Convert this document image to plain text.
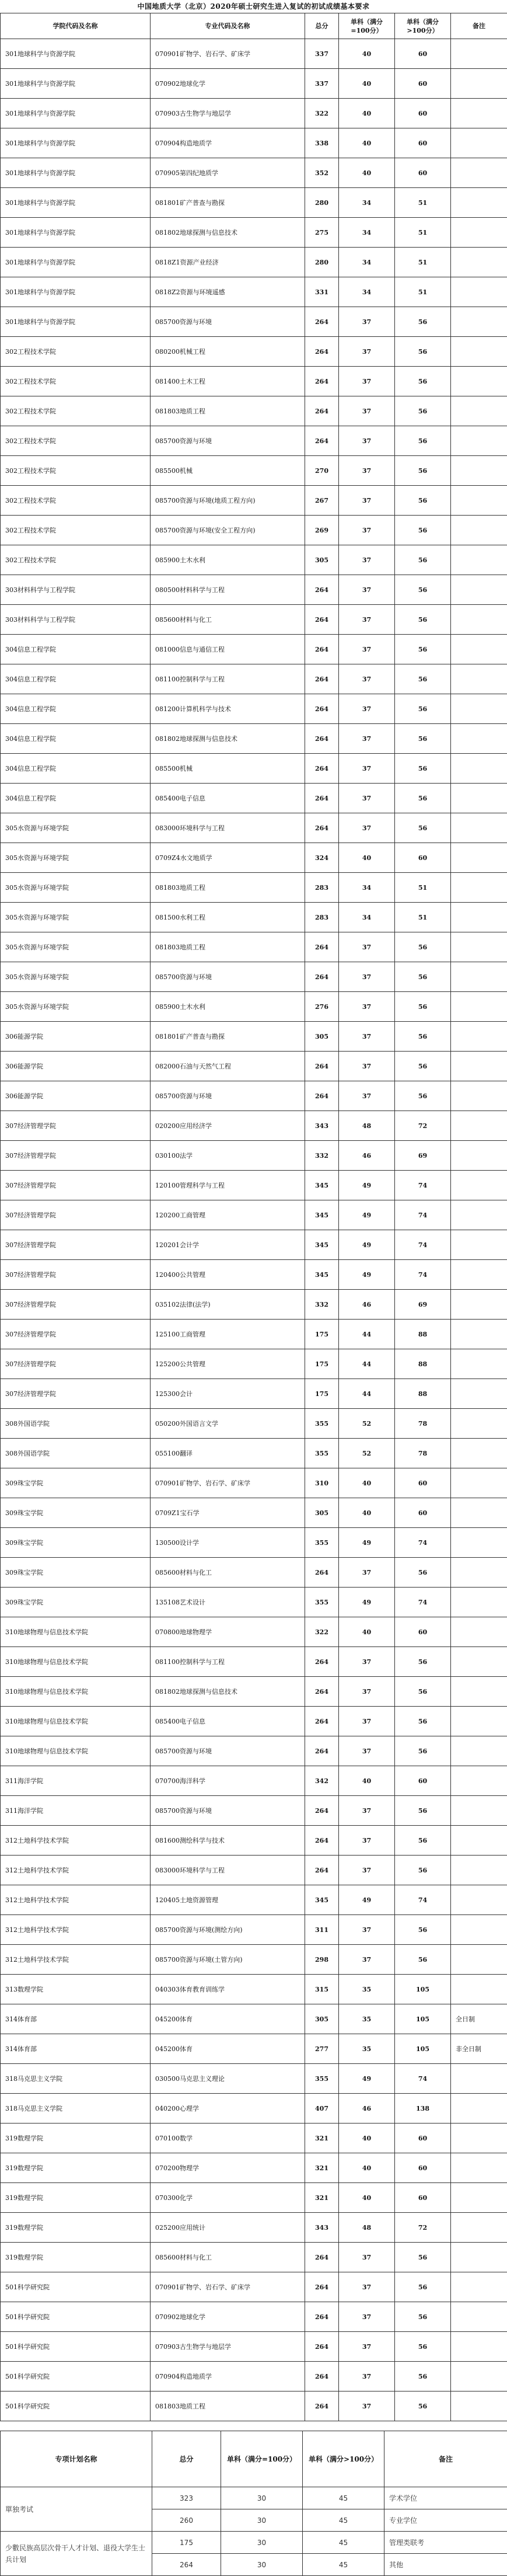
中国地质大学（北京）2020年硕士研究生进入复试的初试成绩基本要求
学院代码及名称	专业代码及名称	总分	单科（满分=100分）	单科（满分>100分）	备注
301地球科学与资源学院	070901矿物学、岩石学、矿床学	337	40	60	
301地球科学与资源学院	070902地球化学	337	40	60	
301地球科学与资源学院	070903古生物学与地层学	322	40	60	
301地球科学与资源学院	070904构造地质学	338	40	60	
301地球科学与资源学院	070905第四纪地质学	352	40	60	
301地球科学与资源学院	081801矿产普查与勘探	280	34	51	
301地球科学与资源学院	081802地球探测与信息技术	275	34	51	
301地球科学与资源学院	0818Z1资源产业经济	280	34	51	
301地球科学与资源学院	0818Z2资源与环境遥感	331	34	51	
301地球科学与资源学院	085700资源与环境	264	37	56	
302工程技术学院	080200机械工程	264	37	56	
302工程技术学院	081400土木工程	264	37	56	
302工程技术学院	081803地质工程	264	37	56	
302工程技术学院	085700资源与环境	264	37	56	
302工程技术学院	085500机械	270	37	56	
302工程技术学院	085700资源与环境(地质工程方向)	267	37	56	
302工程技术学院	085700资源与环境(安全工程方向)	269	37	56	
302工程技术学院	085900土木水利	305	37	56	
303材料科学与工程学院	080500材料科学与工程	264	37	56	
303材料科学与工程学院	085600材料与化工	264	37	56	
304信息工程学院	081000信息与通信工程	264	37	56	
304信息工程学院	081100控制科学与工程	264	37	56	
304信息工程学院	081200计算机科学与技术	264	37	56	
304信息工程学院	081802地球探测与信息技术	264	37	56	
304信息工程学院	085500机械	264	37	56	
304信息工程学院	085400电子信息	264	37	56	
305水资源与环境学院	083000环境科学与工程	264	37	56	
305水资源与环境学院	0709Z4水文地质学	324	40	60	
305水资源与环境学院	081803地质工程	283	34	51	
305水资源与环境学院	081500水利工程	283	34	51	
305水资源与环境学院	081803地质工程	264	37	56	
305水资源与环境学院	085700资源与环境	264	37	56	
305水资源与环境学院	085900土木水利	276	37	56	
306能源学院	081801矿产普查与勘探	305	37	56	
306能源学院	082000石油与天然气工程	264	37	56	
306能源学院	085700资源与环境	264	37	56	
307经济管理学院	020200应用经济学	343	48	72	
307经济管理学院	030100法学	332	46	69	
307经济管理学院	120100管理科学与工程	345	49	74	
307经济管理学院	120200工商管理	345	49	74	
307经济管理学院	120201会计学	345	49	74	
307经济管理学院	120400公共管理	345	49	74	
307经济管理学院	035102法律(法学)	332	46	69	
307经济管理学院	125100工商管理	175	44	88	
307经济管理学院	125200公共管理	175	44	88	
307经济管理学院	125300会计	175	44	88	
308外国语学院	050200外国语言文学	355	52	78	
308外国语学院	055100翻译	355	52	78	
309珠宝学院	070901矿物学、岩石学、矿床学	310	40	60	
309珠宝学院	0709Z1宝石学	305	40	60	
309珠宝学院	130500设计学	355	49	74	
309珠宝学院	085600材料与化工	264	37	56	
309珠宝学院	135108艺术设计	355	49	74	
310地球物理与信息技术学院	070800地球物理学	322	40	60	
310地球物理与信息技术学院	081100控制科学与工程	264	37	56	
310地球物理与信息技术学院	081802地球探测与信息技术	264	37	56	
310地球物理与信息技术学院	085400电子信息	264	37	56	
310地球物理与信息技术学院	085700资源与环境	264	37	56	
311海洋学院	070700海洋科学	342	40	60	
311海洋学院	085700资源与环境	264	37	56	
312土地科学技术学院	081600测绘科学与技术	264	37	56	
312土地科学技术学院	083000环境科学与工程	264	37	56	
312土地科学技术学院	120405土地资源管理	345	49	74	
312土地科学技术学院	085700资源与环境(测绘方向)	311	37	56	
312土地科学技术学院	085700资源与环境(土管方向)	298	37	56	
313数理学院	040303体育教育训练学	315	35	105	
314体育部	045200体育	305	35	105	全日制
314体育部	045200体育	277	35	105	非全日制
318马克思主义学院	030500马克思主义理论	355	49	74	
318马克思主义学院	040200心理学	407	46	138	
319数理学院	070100数学	321	40	60	
319数理学院	070200物理学	321	40	60	
319数理学院	070300化学	321	40	60	
319数理学院	025200应用统计	343	48	72	
319数理学院	085600材料与化工	264	37	56	
501科学研究院	070901矿物学、岩石学、矿床学	264	37	56	
501科学研究院	070902地球化学	264	37	56	
501科学研究院	070903古生物学与地层学	264	37	56	
501科学研究院	070904构造地质学	264	37	56	
501科学研究院	081803地质工程	264	37	56	
专项计划名称	总分	单科（满分=100分）	单科（满分>100分）	备注
單独考试	323	30	45	学术学位
	260	30	45	专业学位
少數民族高层次骨干人才计划、退役大学生士兵计划	175	30	45	管理类联考
	264	30	45	其他
